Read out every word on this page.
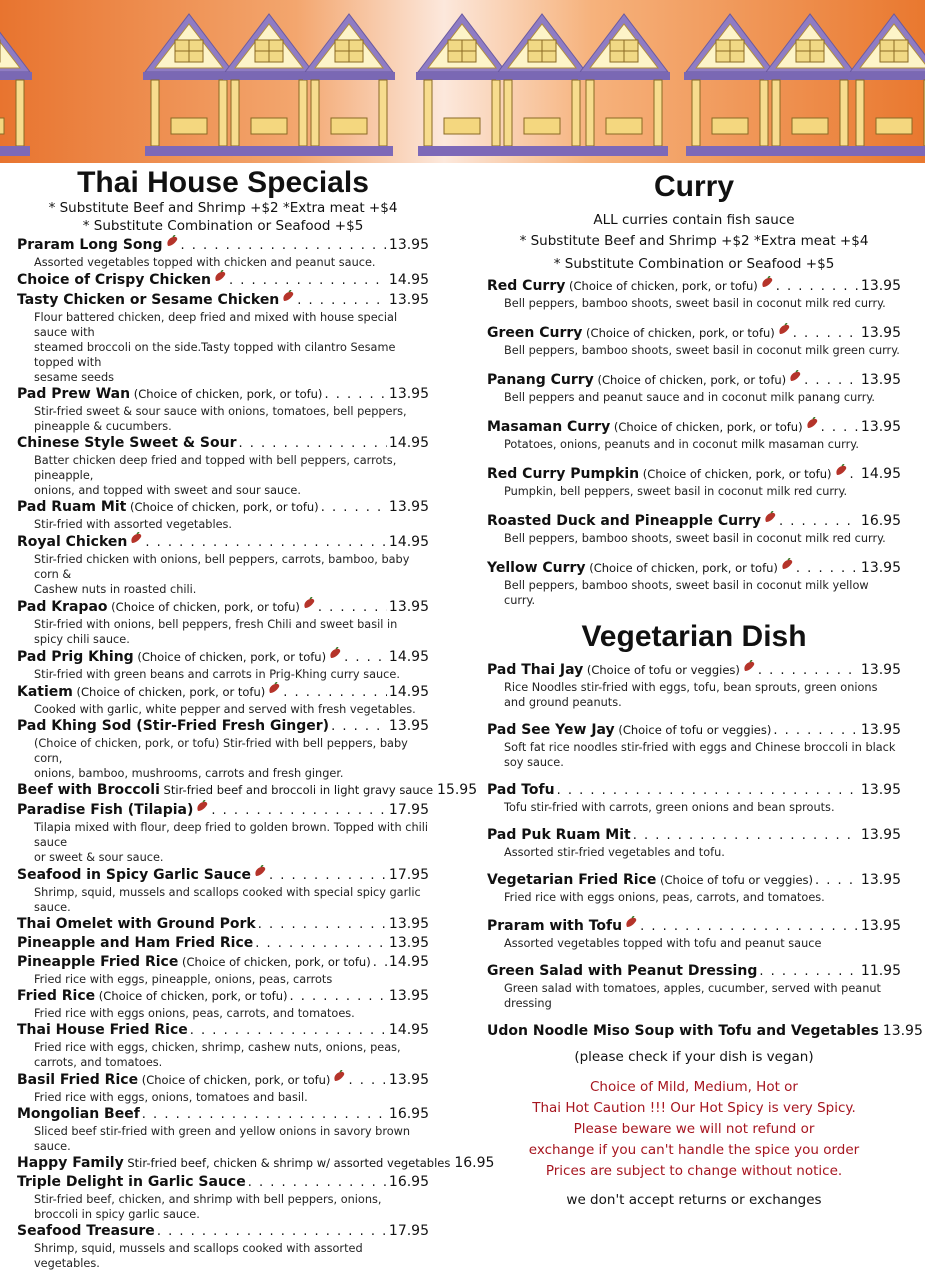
Thai House Specials
* Substitute Beef and Shrimp +$2 *Extra meat +$4
* Substitute Combination or Seafood +$5
Praram Long Song . . .	13.95
Assorted vegetables topped with chicken and peanut sauce.
Choice of Crispy Chicken . . .	14.95
Tasty Chicken or Sesame Chicken . . .	13.95
Flour battered chicken, deep fried and mixed with house special sauce with
steamed broccoli on the side.Tasty topped with cilantro Sesame topped with
sesame seeds
Pad Prew Wan (Choice of chicken, pork, or tofu) . . .	13.95
Stir-fried sweet & sour sauce with onions, tomatoes, bell peppers,
pineapple & cucumbers.
Chinese Style Sweet & Sour . . .	14.95
Batter chicken deep fried and topped with bell peppers, carrots, pineapple,
onions, and topped with sweet and sour sauce.
Pad Ruam Mit (Choice of chicken, pork, or tofu) . . .	13.95
Stir-fried with assorted vegetables.
Royal Chicken . . .	14.95
Stir-fried chicken with onions, bell peppers, carrots, bamboo, baby corn &
Cashew nuts in roasted chili.
Pad Krapao (Choice of chicken, pork, or tofu) . . .	13.95
Stir-fried with onions, bell peppers, fresh Chili and sweet basil in spicy chili sauce.
Pad Prig Khing (Choice of chicken, pork, or tofu) . . .	14.95
Stir-fried with green beans and carrots in Prig-Khing curry sauce.
Katiem (Choice of chicken, pork, or tofu) . . .	14.95
Cooked with garlic, white pepper and served with fresh vegetables.
Pad Khing Sod (Stir-Fried Fresh Ginger) . . .	13.95
(Choice of chicken, pork, or tofu) Stir-fried with bell peppers, baby corn,
onions, bamboo, mushrooms, carrots and fresh ginger.
Beef with Broccoli Stir-fried beef and broccoli in light gravy sauce 15.95
Paradise Fish (Tilapia) . . .	17.95
Tilapia mixed with flour, deep fried to golden brown. Topped with chili sauce
or sweet & sour sauce.
Seafood in Spicy Garlic Sauce . . .	17.95
Shrimp, squid, mussels and scallops cooked with special spicy garlic sauce.
Thai Omelet with Ground Pork . . .	13.95
Pineapple and Ham Fried Rice . . .	13.95
Pineapple Fried Rice (Choice of chicken, pork, or tofu) . . . 14.95
Fried rice with eggs, pineapple, onions, peas, carrots
Fried Rice (Choice of chicken, pork, or tofu) . . .	13.95
Fried rice with eggs onions, peas, carrots, and tomatoes.
Thai House Fried Rice . . .	14.95
Fried rice with eggs, chicken, shrimp, cashew nuts, onions, peas, carrots, and tomatoes.
Basil Fried Rice (Choice of chicken, pork, or tofu) . . .	13.95
Fried rice with eggs, onions, tomatoes and basil.
Mongolian Beef . . .	16.95
Sliced beef stir-fried with green and yellow onions in savory brown sauce.
Happy Family Stir-fried beef, chicken & shrimp w/ assorted vegetables 16.95
Triple Delight in Garlic Sauce . . .	16.95
Stir-fried beef, chicken, and shrimp with bell peppers, onions,
broccoli in spicy garlic sauce.
Seafood Treasure . . .	17.95
Shrimp, squid, mussels and scallops cooked with assorted vegetables.
Curry
ALL curries contain fish sauce
* Substitute Beef and Shrimp +$2 *Extra meat +$4
* Substitute Combination or Seafood +$5
Red Curry (Choice of chicken, pork, or tofu) . . .	13.95
Bell peppers, bamboo shoots, sweet basil in coconut milk red curry.
Green Curry (Choice of chicken, pork, or tofu) . . .	13.95
Bell peppers, bamboo shoots, sweet basil in coconut milk green curry.
Panang Curry (Choice of chicken, pork, or tofu) . . .	13.95
Bell peppers and peanut sauce and in coconut milk panang curry.
Masaman Curry (Choice of chicken, pork, or tofu) . . .	13.95
Potatoes, onions, peanuts and in coconut milk masaman curry.
Red Curry Pumpkin (Choice of chicken, pork, or tofu) . . . 14.95
Pumpkin, bell peppers, sweet basil in coconut milk red curry.
Roasted Duck and Pineapple Curry . . .	16.95
Bell peppers, bamboo shoots, sweet basil in coconut milk red curry.
Yellow Curry (Choice of chicken, pork, or tofu) . . .	13.95
Bell peppers, bamboo shoots, sweet basil in coconut milk yellow curry.
Vegetarian Dish
Pad Thai Jay (Choice of tofu or veggies) . . .	13.95
Rice Noodles stir-fried with eggs, tofu, bean sprouts, green onions
and ground peanuts.
Pad See Yew Jay (Choice of tofu or veggies) . . .	13.95
Soft fat rice noodles stir-fried with eggs and Chinese broccoli in black soy sauce.
Pad Tofu . . .	13.95
Tofu stir-fried with carrots, green onions and bean sprouts.
Pad Puk Ruam Mit . . .	13.95
Assorted stir-fried vegetables and tofu.
Vegetarian Fried Rice (Choice of tofu or veggies) . . .	13.95
Fried rice with eggs onions, peas, carrots, and tomatoes.
Praram with Tofu . . .	13.95
Assorted vegetables topped with tofu and peanut sauce
Green Salad with Peanut Dressing . . .	11.95
Green salad with tomatoes, apples, cucumber, served with peanut dressing
Udon Noodle Miso Soup with Tofu and Vegetables 13.95
(please check if your dish is vegan)
Choice of Mild, Medium, Hot or
Thai Hot Caution !!! Our Hot Spicy is very Spicy.
Please beware we will not refund or
exchange if you can't handle the spice you order
Prices are subject to change without notice.
we don't accept returns or exchanges
